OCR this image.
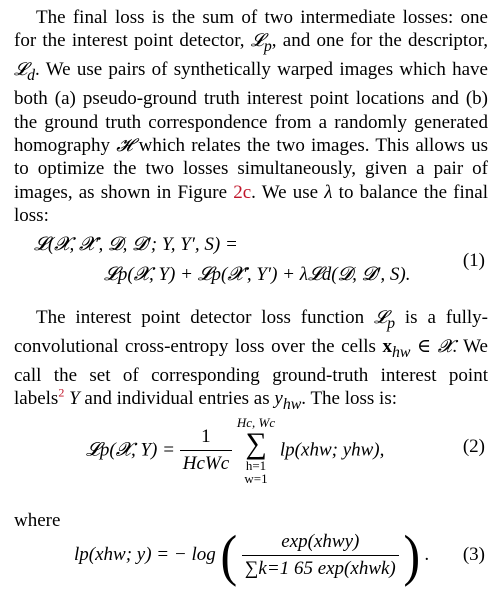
The final loss is the sum of two intermediate losses: one for the interest point detector, 𝓛$_p$, and one for the descriptor, 𝓛$_d$. We use pairs of synthetically warped images which have both (a) pseudo-ground truth interest point locations and (b) the ground truth correspondence from a randomly generated homography 𝓗 which relates the two images. This allows us to optimize the two losses simultaneously, given a pair of images, as shown in Figure 2c. We use λ to balance the final loss:

𝓛(𝓧, 𝓧′, 𝓓, 𝓓′; Y, Y′, S) =
𝓛p(𝓧, Y) + 𝓛p(𝓧′, Y′) + λ𝓛d(𝓓, 𝓓′, S).
(1)

The interest point detector loss function 𝓛$_p$ is a fully-convolutional cross-entropy loss over the cells $x_{hw}$ ∈ 𝓧. We call the set of corresponding ground-truth interest point labels$^2$ Y and individual entries as $y_{hw}$. The loss is:

𝓛p(𝓧, $Y) = \frac{1}{\text{HcWc}}$

Hc, Wc
∑
h=1
w=1
lp(xhw; yhw),	(2)
where
lp(xhw; y) = − log ( $\frac{\text{exp(xhwy)}}{\text{∑k=1 65 exp(xhwk)}}$ ) . (3)
